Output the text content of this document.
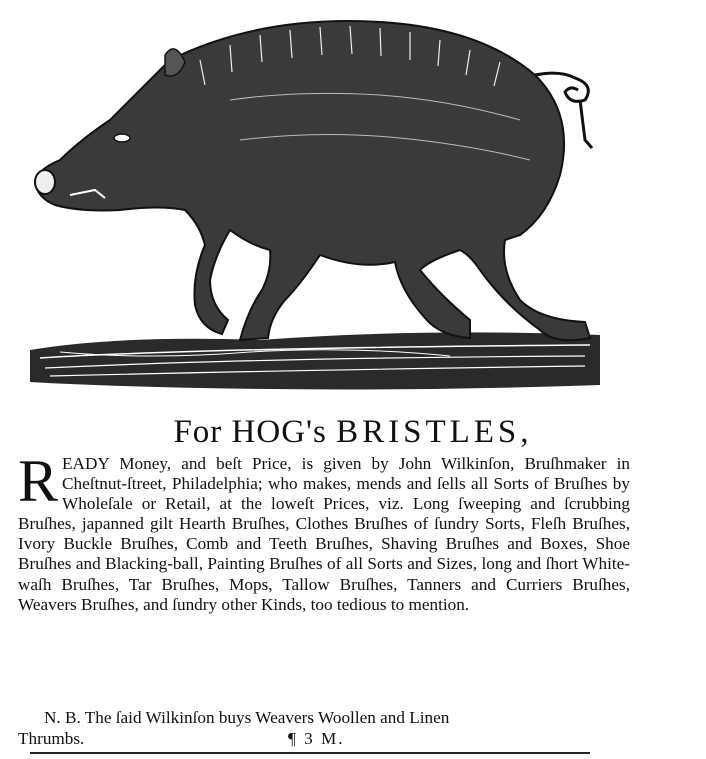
For HOG's BRISTLES,
R EADY Money, and beſt Price, is given by John Wilkinſon, Bruſhmaker in Cheſtnut-ſtreet, Philadelphia; who makes, mends and ſells all Sorts of Bruſhes by Wholeſale or Retail, at the loweſt Prices, viz. Long ſweeping and ſcrubbing Bruſhes, japanned gilt Hearth Bruſhes, Clothes Bruſhes of ſundry Sorts, Fleſh Bruſhes, Ivory Buckle Bruſhes, Comb and Teeth Bruſhes, Shaving Bruſhes and Boxes, Shoe Bruſhes and Blacking-ball, Painting Bruſhes of all Sorts and Sizes, long and ſhort White-waſh Bruſhes, Tar Bruſhes, Mops, Tallow Bruſhes, Tanners and Curriers Bruſhes, Weavers Bruſhes, and ſundry other Kinds, too tedious to mention.
N. B. The ſaid Wilkinſon buys Weavers Woollen and Linen
Thrumbs.	¶ 3 M.
